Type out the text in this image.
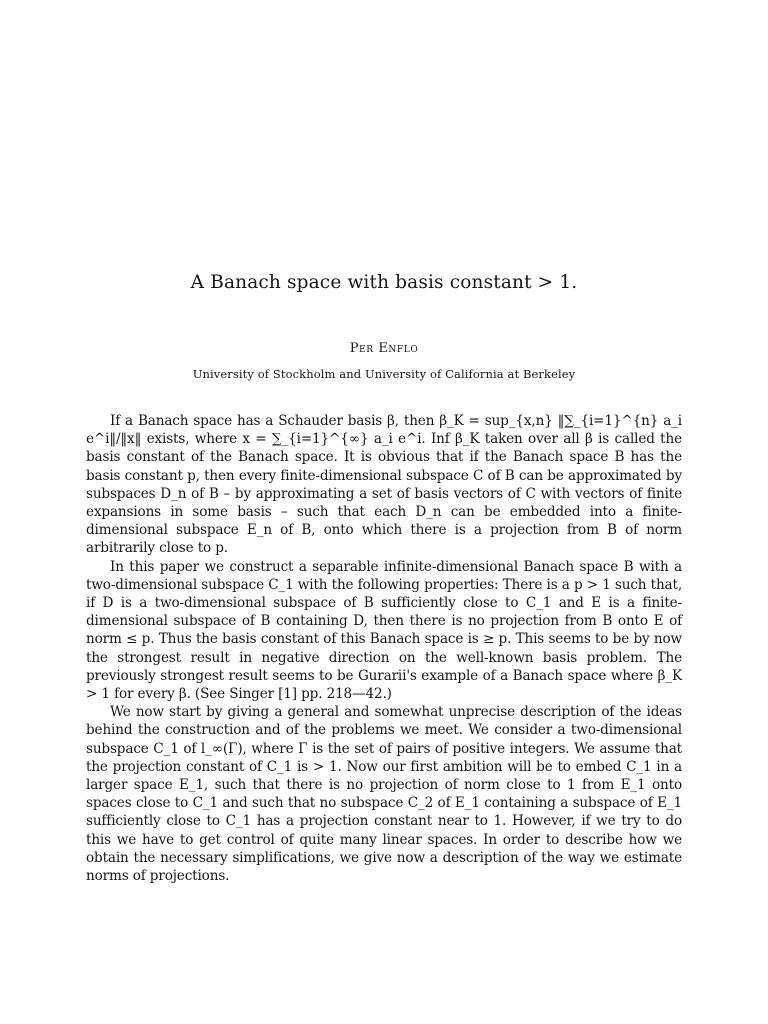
A Banach space with basis constant > 1.
Per Enflo
University of Stockholm and University of California at Berkeley

If a Banach space has a Schauder basis β, then β_K = sup_{x,n} ‖∑_{i=1}^{n} a_i e^i‖/‖x‖ exists, where x = ∑_{i=1}^{∞} a_i e^i. Inf β_K taken over all β is called the basis constant of the Banach space. It is obvious that if the Banach space B has the basis constant p, then every finite-dimensional subspace C of B can be approximated by subspaces D_n of B – by approximating a set of basis vectors of C with vectors of finite expansions in some basis – such that each D_n can be embedded into a finite-dimensional subspace E_n of B, onto which there is a projection from B of norm arbitrarily close to p.

In this paper we construct a separable infinite-dimensional Banach space B with a two-dimensional subspace C_1 with the following properties: There is a p > 1 such that, if D is a two-dimensional subspace of B sufficiently close to C_1 and E is a finite-dimensional subspace of B containing D, then there is no projection from B onto E of norm ≤ p. Thus the basis constant of this Banach space is ≥ p. This seems to be by now the strongest result in negative direction on the well-known basis problem. The previously strongest result seems to be Gurarii's example of a Banach space where β_K > 1 for every β. (See Singer [1] pp. 218—42.)

We now start by giving a general and somewhat unprecise description of the ideas behind the construction and of the problems we meet. We consider a two-dimensional subspace C_1 of l_∞(Γ), where Γ is the set of pairs of positive integers. We assume that the projection constant of C_1 is > 1. Now our first ambition will be to embed C_1 in a larger space E_1, such that there is no projection of norm close to 1 from E_1 onto spaces close to C_1 and such that no subspace C_2 of E_1 containing a subspace of E_1 sufficiently close to C_1 has a projection constant near to 1. However, if we try to do this we have to get control of quite many linear spaces. In order to describe how we obtain the necessary simplifications, we give now a description of the way we estimate norms of projections.
